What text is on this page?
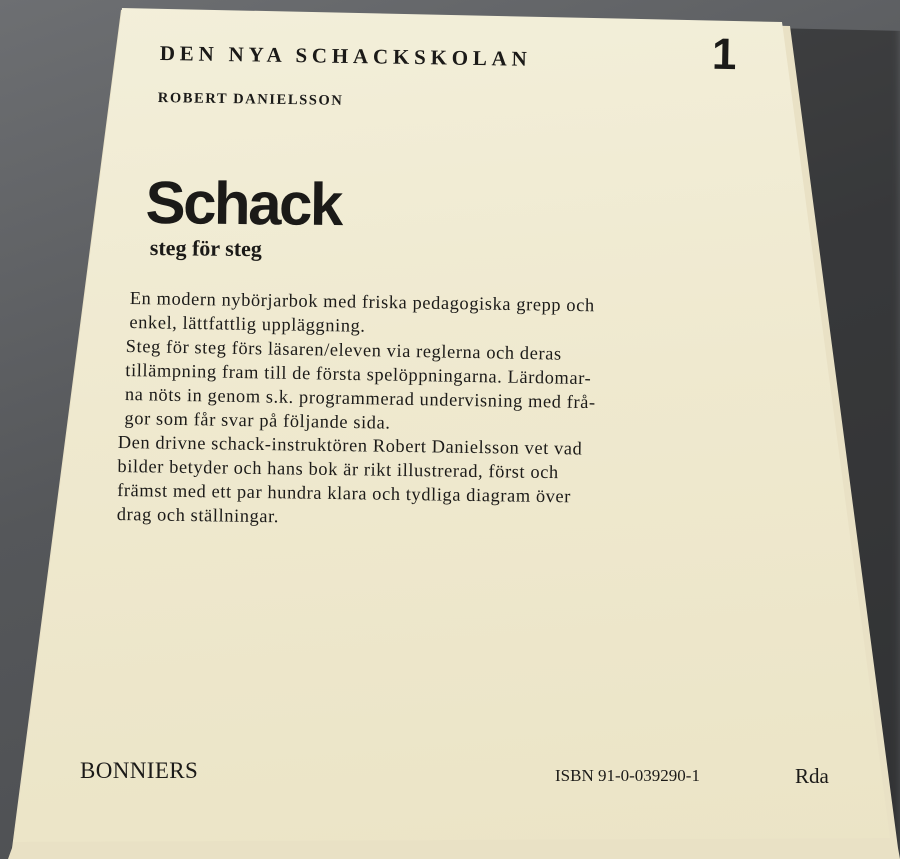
DEN NYA SCHACKSKOLAN	1
ROBERT DANIELSSON
Schack
steg för steg
En modern nybörjarbok med friska pedagogiska grepp och
enkel, lättfattlig uppläggning.
Steg för steg förs läsaren/eleven via reglerna och deras
tillämpning fram till de första spelöppningarna. Lärdomar-
na nöts in genom s.k. programmerad undervisning med frå-
gor som får svar på följande sida.
Den drivne schack-instruktören Robert Danielsson vet vad
bilder betyder och hans bok är rikt illustrerad, först och
främst med ett par hundra klara och tydliga diagram över
drag och ställningar.
BONNIERS	ISBN 91-0-039290-1	Rda
